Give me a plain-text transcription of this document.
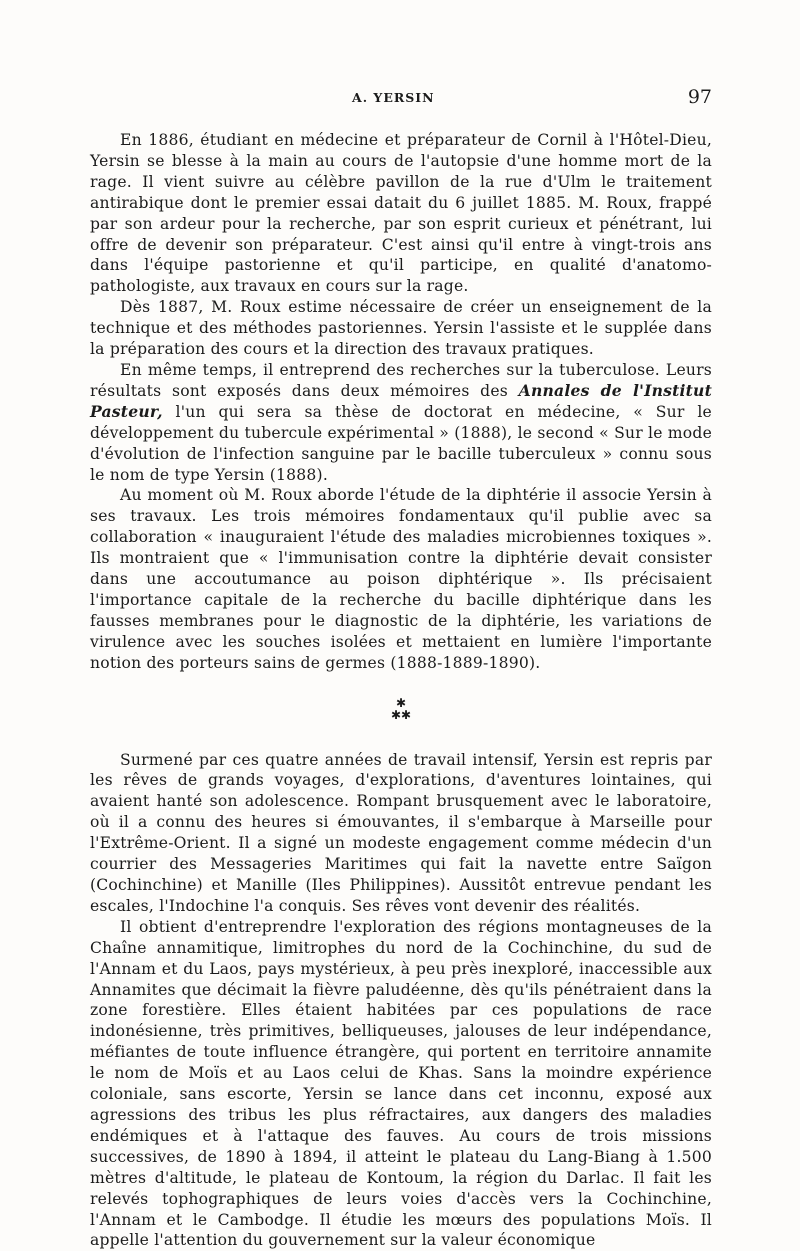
A. YERSIN	97

En 1886, étudiant en médecine et préparateur de Cornil à l'Hôtel-Dieu, Yersin se blesse à la main au cours de l'autopsie d'une homme mort de la rage. Il vient suivre au célèbre pavillon de la rue d'Ulm le traitement antirabique dont le premier essai datait du 6 juillet 1885. M. Roux, frappé par son ardeur pour la recherche, par son esprit curieux et pénétrant, lui offre de devenir son préparateur. C'est ainsi qu'il entre à vingt-trois ans dans l'équipe pastorienne et qu'il participe, en qualité d'anatomo-pathologiste, aux travaux en cours sur la rage.

Dès 1887, M. Roux estime nécessaire de créer un enseignement de la technique et des méthodes pastoriennes. Yersin l'assiste et le supplée dans la préparation des cours et la direction des travaux pratiques.

En même temps, il entreprend des recherches sur la tuberculose. Leurs résultats sont exposés dans deux mémoires des Annales de l'Institut Pasteur, l'un qui sera sa thèse de doctorat en médecine, « Sur le développement du tubercule expérimental » (1888), le second « Sur le mode d'évolution de l'infection sanguine par le bacille tuberculeux » connu sous le nom de type Yersin (1888).

Au moment où M. Roux aborde l'étude de la diphtérie il associe Yersin à ses travaux. Les trois mémoires fondamentaux qu'il publie avec sa collaboration « inauguraient l'étude des maladies microbiennes toxiques ». Ils montraient que « l'immunisation contre la diphtérie devait consister dans une accoutumance au poison diphtérique ». Ils précisaient l'importance capitale de la recherche du bacille diphtérique dans les fausses membranes pour le diagnostic de la diphtérie, les variations de virulence avec les souches isolées et mettaient en lumière l'importante notion des porteurs sains de germes (1888-1889-1890).

✱
✱ ✱

Surmené par ces quatre années de travail intensif, Yersin est repris par les rêves de grands voyages, d'explorations, d'aventures lointaines, qui avaient hanté son adolescence. Rompant brusquement avec le laboratoire, où il a connu des heures si émouvantes, il s'embarque à Marseille pour l'Extrême-Orient. Il a signé un modeste engagement comme médecin d'un courrier des Messageries Maritimes qui fait la navette entre Saïgon (Cochinchine) et Manille (Iles Philippines). Aussitôt entrevue pendant les escales, l'Indochine l'a conquis. Ses rêves vont devenir des réalités.

Il obtient d'entreprendre l'exploration des régions montagneuses de la Chaîne annamitique, limitrophes du nord de la Cochinchine, du sud de l'Annam et du Laos, pays mystérieux, à peu près inexploré, inaccessible aux Annamites que décimait la fièvre paludéenne, dès qu'ils pénétraient dans la zone forestière. Elles étaient habitées par ces populations de race indonésienne, très primitives, belliqueuses, jalouses de leur indépendance, méfiantes de toute influence étrangère, qui portent en territoire annamite le nom de Moïs et au Laos celui de Khas. Sans la moindre expérience coloniale, sans escorte, Yersin se lance dans cet inconnu, exposé aux agressions des tribus les plus réfractaires, aux dangers des maladies endémiques et à l'attaque des fauves. Au cours de trois missions successives, de 1890 à 1894, il atteint le plateau du Lang-Biang à 1.500 mètres d'altitude, le plateau de Kontoum, la région du Darlac. Il fait les relevés tophographiques de leurs voies d'accès vers la Cochinchine, l'Annam et le Cambodge. Il étudie les mœurs des populations Moïs. Il appelle l'attention du gouvernement sur la valeur économique
